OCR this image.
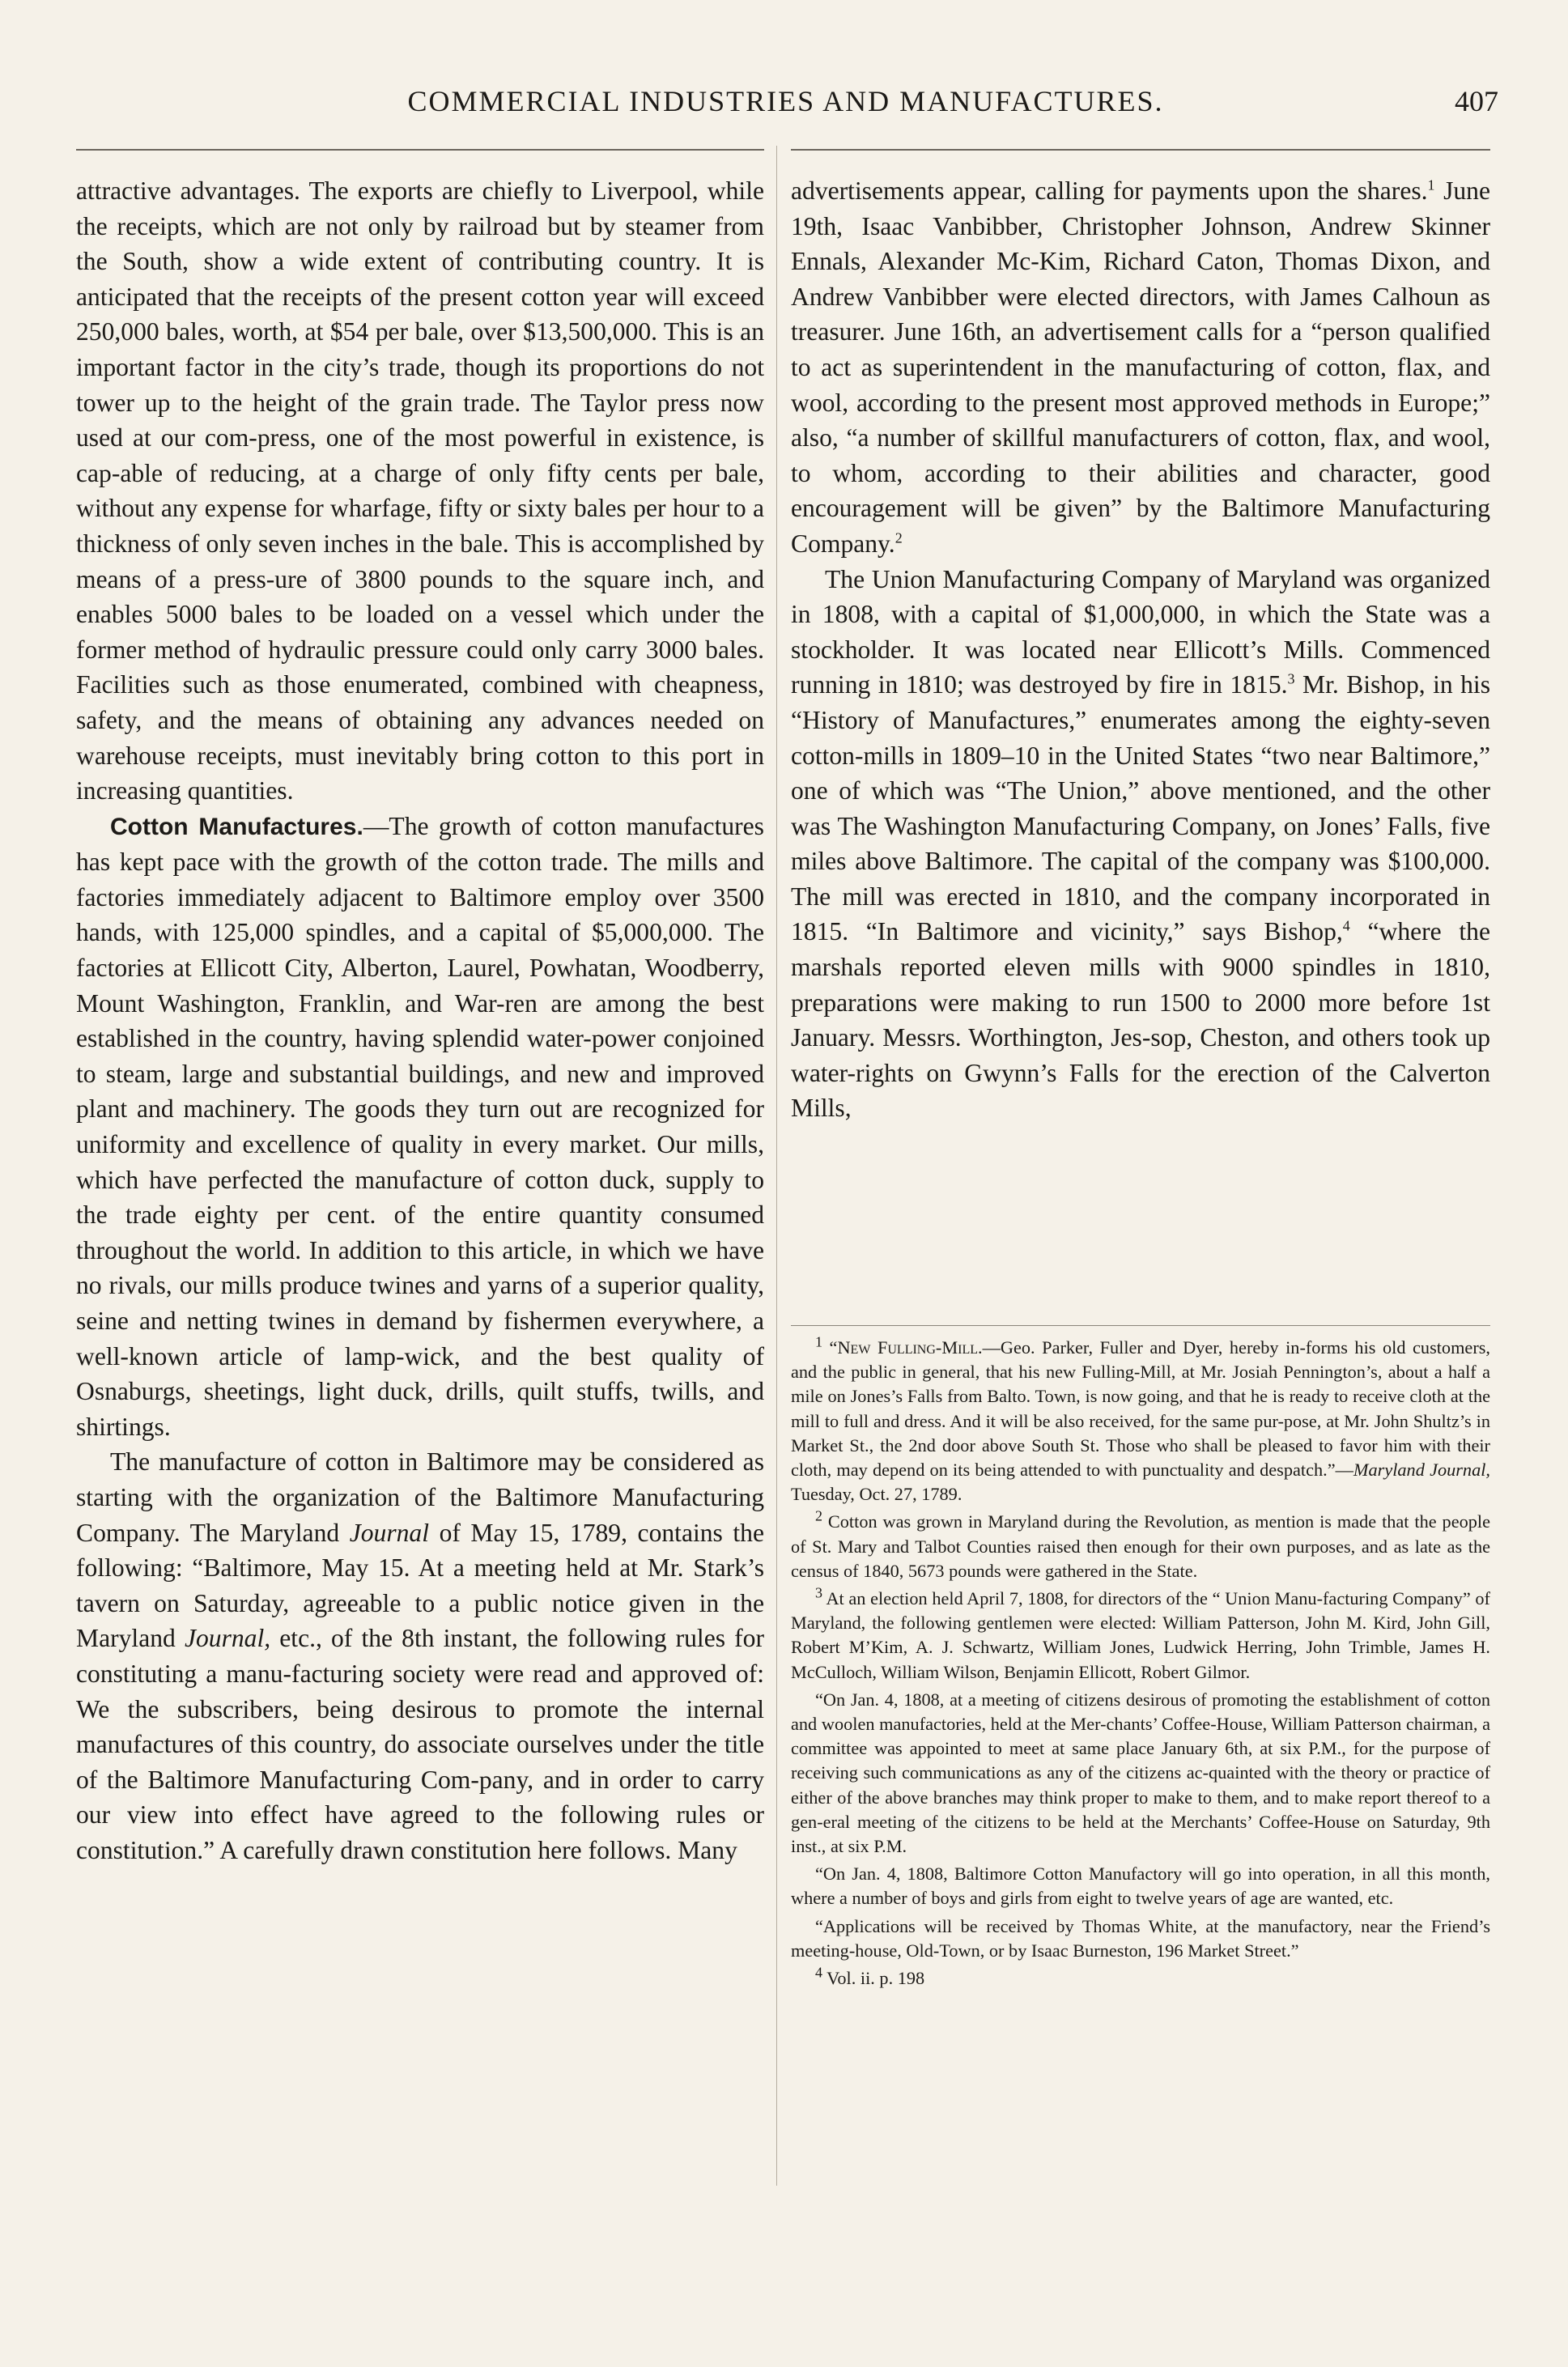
COMMERCIAL INDUSTRIES AND MANUFACTURES.	407

attractive advantages. The exports are chiefly to Liverpool, while the receipts, which are not only by railroad but by steamer from the South, show a wide extent of contributing country. It is anticipated that the receipts of the present cotton year will exceed 250,000 bales, worth, at $54 per bale, over $13,500,000. This is an important factor in the city’s trade, though its proportions do not tower up to the height of the grain trade. The Taylor press now used at our com-press, one of the most powerful in existence, is cap-able of reducing, at a charge of only fifty cents per bale, without any expense for wharfage, fifty or sixty bales per hour to a thickness of only seven inches in the bale. This is accomplished by means of a press-ure of 3800 pounds to the square inch, and enables 5000 bales to be loaded on a vessel which under the former method of hydraulic pressure could only carry 3000 bales. Facilities such as those enumerated, combined with cheapness, safety, and the means of obtaining any advances needed on warehouse receipts, must inevitably bring cotton to this port in increasing quantities.

Cotton Manufactures.—The growth of cotton manufactures has kept pace with the growth of the cotton trade. The mills and factories immediately adjacent to Baltimore employ over 3500 hands, with 125,000 spindles, and a capital of $5,000,000. The factories at Ellicott City, Alberton, Laurel, Powhatan, Woodberry, Mount Washington, Franklin, and War-ren are among the best established in the country, having splendid water-power conjoined to steam, large and substantial buildings, and new and improved plant and machinery. The goods they turn out are recognized for uniformity and excellence of quality in every market. Our mills, which have perfected the manufacture of cotton duck, supply to the trade eighty per cent. of the entire quantity consumed throughout the world. In addition to this article, in which we have no rivals, our mills produce twines and yarns of a superior quality, seine and netting twines in demand by fishermen everywhere, a well-known article of lamp-wick, and the best quality of Osnaburgs, sheetings, light duck, drills, quilt stuffs, twills, and shirtings.

The manufacture of cotton in Baltimore may be considered as starting with the organization of the Baltimore Manufacturing Company. The Maryland Journal of May 15, 1789, contains the following: “Baltimore, May 15. At a meeting held at Mr. Stark’s tavern on Saturday, agreeable to a public notice given in the Maryland Journal, etc., of the 8th instant, the following rules for constituting a manu-facturing society were read and approved of: We the subscribers, being desirous to promote the internal manufactures of this country, do associate ourselves under the title of the Baltimore Manufacturing Com-pany, and in order to carry our view into effect have agreed to the following rules or constitution.” A carefully drawn constitution here follows. Many

advertisements appear, calling for payments upon the shares.$^1$ June 19th, Isaac Vanbibber, Christopher Johnson, Andrew Skinner Ennals, Alexander Mc-Kim, Richard Caton, Thomas Dixon, and Andrew Vanbibber were elected directors, with James Calhoun as treasurer. June 16th, an advertisement calls for a “person qualified to act as superintendent in the manufacturing of cotton, flax, and wool, according to the present most approved methods in Europe;” also, “a number of skillful manufacturers of cotton, flax, and wool, to whom, according to their abilities and character, good encouragement will be given” by the Baltimore Manufacturing Company.$^2$

The Union Manufacturing Company of Maryland was organized in 1808, with a capital of $1,000,000, in which the State was a stockholder. It was located near Ellicott’s Mills. Commenced running in 1810; was destroyed by fire in 1815.$^3$ Mr. Bishop, in his “History of Manufactures,” enumerates among the eighty-seven cotton-mills in 1809–10 in the United States “two near Baltimore,” one of which was “The Union,” above mentioned, and the other was The Washington Manufacturing Company, on Jones’ Falls, five miles above Baltimore. The capital of the company was $100,000. The mill was erected in 1810, and the company incorporated in 1815. “In Baltimore and vicinity,” says Bishop,$^4$ “where the marshals reported eleven mills with 9000 spindles in 1810, preparations were making to run 1500 to 2000 more before 1st January. Messrs. Worthington, Jes-sop, Cheston, and others took up water-rights on Gwynn’s Falls for the erection of the Calverton Mills,

$^1$ “New Fulling-Mill.—Geo. Parker, Fuller and Dyer, hereby in-forms his old customers, and the public in general, that his new Fulling-Mill, at Mr. Josiah Pennington’s, about a half a mile on Jones’s Falls from Balto. Town, is now going, and that he is ready to receive cloth at the mill to full and dress. And it will be also received, for the same pur-pose, at Mr. John Shultz’s in Market St., the 2nd door above South St. Those who shall be pleased to favor him with their cloth, may depend on its being attended to with punctuality and despatch.”—Maryland Journal, Tuesday, Oct. 27, 1789.

$^2$ Cotton was grown in Maryland during the Revolution, as mention is made that the people of St. Mary and Talbot Counties raised then enough for their own purposes, and as late as the census of 1840, 5673 pounds were gathered in the State.

$^3$ At an election held April 7, 1808, for directors of the “ Union Manu-facturing Company” of Maryland, the following gentlemen were elected: William Patterson, John M. Kird, John Gill, Robert M’Kim, A. J. Schwartz, William Jones, Ludwick Herring, John Trimble, James H. McCulloch, William Wilson, Benjamin Ellicott, Robert Gilmor.

“On Jan. 4, 1808, at a meeting of citizens desirous of promoting the establishment of cotton and woolen manufactories, held at the Mer-chants’ Coffee-House, William Patterson chairman, a committee was appointed to meet at same place January 6th, at six P.M., for the purpose of receiving such communications as any of the citizens ac-quainted with the theory or practice of either of the above branches may think proper to make to them, and to make report thereof to a gen-eral meeting of the citizens to be held at the Merchants’ Coffee-House on Saturday, 9th inst., at six P.M.

“On Jan. 4, 1808, Baltimore Cotton Manufactory will go into operation, in all this month, where a number of boys and girls from eight to twelve years of age are wanted, etc.

“Applications will be received by Thomas White, at the manufactory, near the Friend’s meeting-house, Old-Town, or by Isaac Burneston, 196 Market Street.”

$^4$ Vol. ii. p. 198
